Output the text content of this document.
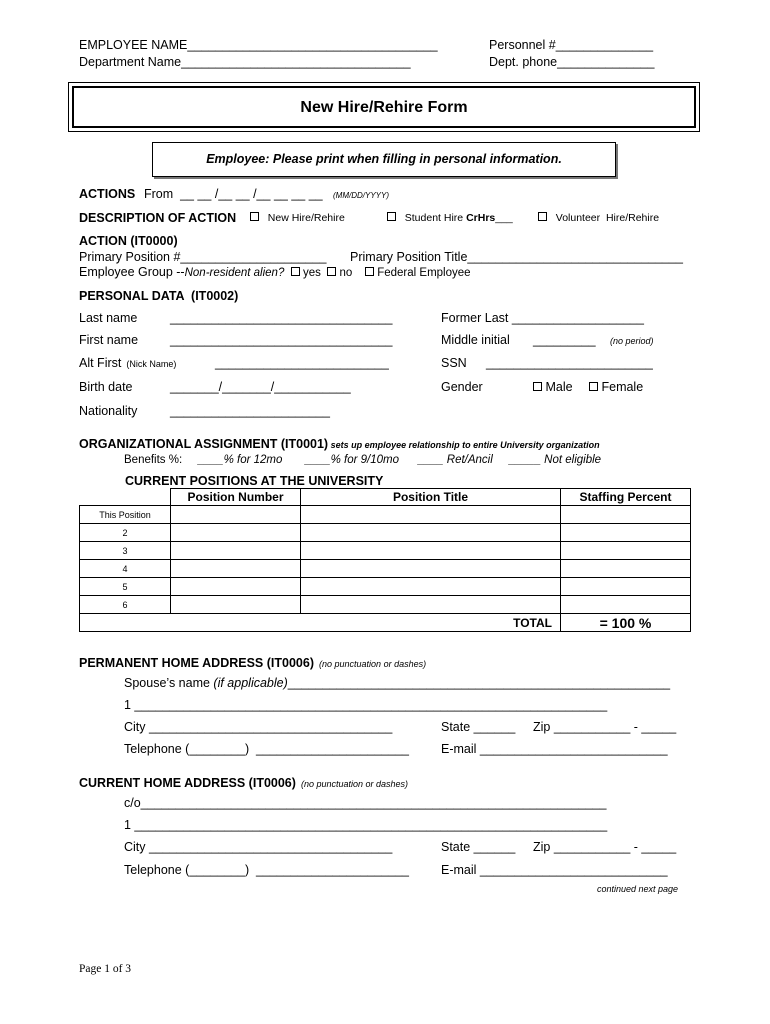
EMPLOYEE NAME____________________________________	Personnel #______________
Department Name_________________________________	Dept. phone______________
New Hire/Rehire Form
Employee: Please print when filling in personal information.
ACTIONS From  __ __ /__ __ /__ __ __ __ (MM/DD/YYYY)
DESCRIPTION OF ACTION	New Hire/Rehire	Student Hire CrHrs___	Volunteer  Hire/Rehire
ACTION (IT0000)
Primary Position #_____________________ Primary Position Title_______________________________
Employee Group --Non-resident alien? yes no Federal Employee
PERSONAL DATA  (IT0002)
Last name	________________________________	Former Last ___________________
First name	________________________________	Middle initial _________ (no period)
Alt First (Nick Name)	_________________________	SSN ________________________
Birth date	_______/_______/___________	Gender	Male	Female
Nationality	_______________________
ORGANIZATIONAL ASSIGNMENT (IT0001) sets up employee relationship to entire University organization
Benefits %: ____% for 12mo ____% for 9/10mo ____ Ret/Ancil _____ Not eligible
CURRENT POSITIONS AT THE UNIVERSITY
	Position Number	Position Title	Staffing Percent
This Position			
2			
3			
4			
5			
6			
TOTAL			= 100 %
PERMANENT HOME ADDRESS (IT0006) (no punctuation or dashes)
Spouse’s name (if applicable)_______________________________________________________
1 ____________________________________________________________________
City ___________________________________	State ______ Zip ___________ - _____
Telephone (________)  ______________________	E-mail ___________________________
CURRENT HOME ADDRESS (IT0006) (no punctuation or dashes)
c/o___________________________________________________________________
1 ____________________________________________________________________
City ___________________________________	State ______ Zip ___________ - _____
Telephone (________)  ______________________	E-mail ___________________________
continued next page
Page 1 of 3
